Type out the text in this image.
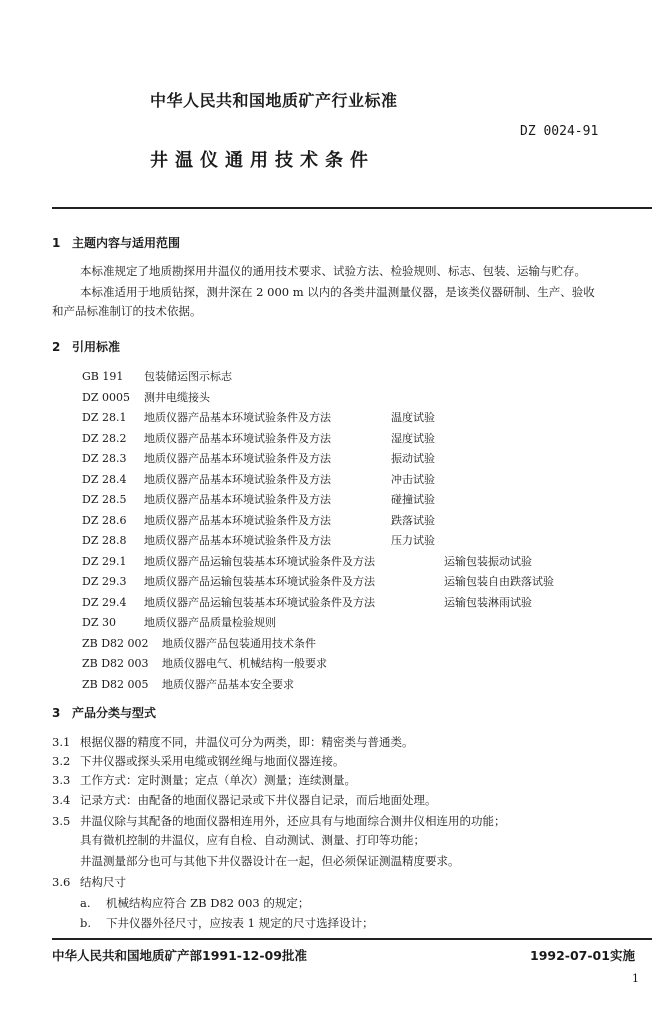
中华人民共和国地质矿产行业标准
DZ 0024-91
井温仪通用技术条件
1 主题内容与适用范围
本标准规定了地质勘探用井温仪的通用技术要求、试验方法、检验规则、标志、包装、运输与贮存。
本标准适用于地质钻探，测井深在 2 000 m 以内的各类井温测量仪器，是该类仪器研制、生产、验收
和产品标准制订的技术依据。
2 引用标准
GB 191 包装储运图示标志
DZ 0005 测井电缆接头
DZ 28.1 地质仪器产品基本环境试验条件及方法	温度试验
DZ 28.2 地质仪器产品基本环境试验条件及方法	湿度试验
DZ 28.3 地质仪器产品基本环境试验条件及方法	振动试验
DZ 28.4 地质仪器产品基本环境试验条件及方法	冲击试验
DZ 28.5 地质仪器产品基本环境试验条件及方法	碰撞试验
DZ 28.6 地质仪器产品基本环境试验条件及方法	跌落试验
DZ 28.8 地质仪器产品基本环境试验条件及方法	压力试验
DZ 29.1 地质仪器产品运输包装基本环境试验条件及方法	运输包装振动试验
DZ 29.3 地质仪器产品运输包装基本环境试验条件及方法	运输包装自由跌落试验
DZ 29.4 地质仪器产品运输包装基本环境试验条件及方法	运输包装淋雨试验
DZ 30	地质仪器产品质量检验规则
ZB D82 002 地质仪器产品包装通用技术条件
ZB D82 003 地质仪器电气、机械结构一般要求
ZB D82 005 地质仪器产品基本安全要求
3 产品分类与型式
3.1 根据仪器的精度不同，井温仪可分为两类，即：精密类与普通类。
3.2 下井仪器或探头采用电缆或钢丝绳与地面仪器连接。
3.3 工作方式：定时测量；定点（单次）测量；连续测量。
3.4 记录方式：由配备的地面仪器记录或下井仪器自记录，而后地面处理。
3.5 井温仪除与其配备的地面仪器相连用外，还应具有与地面综合测井仪相连用的功能；
具有微机控制的井温仪，应有自检、自动测试、测量、打印等功能；
井温测量部分也可与其他下井仪器设计在一起，但必须保证测温精度要求。
3.6 结构尺寸
a. 机械结构应符合 ZB D82 003 的规定；
b. 下井仪器外径尺寸，应按表 1 规定的尺寸选择设计；
中华人民共和国地质矿产部1991-12-09批准	1992-07-01实施
1
